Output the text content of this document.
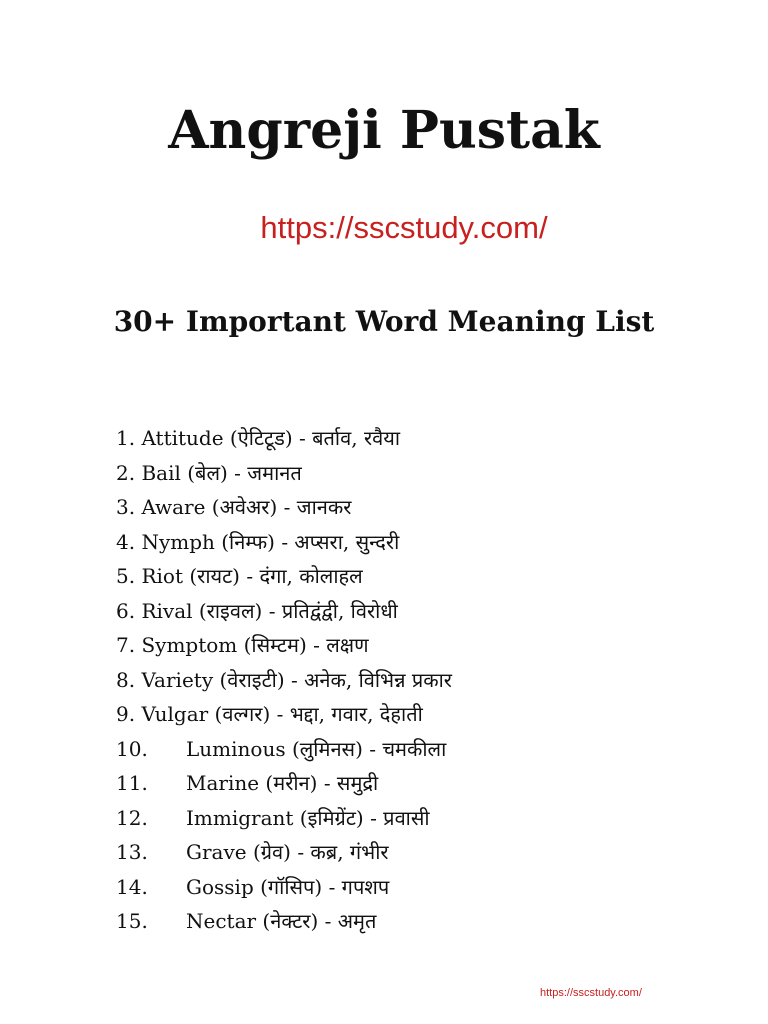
Angreji Pustak
https://sscstudy.com/
30+ Important Word Meaning List
1. Attitude (ऐटिटूड) - बर्ताव, रवैया
2. Bail (बेल) - जमानत
3. Aware (अवेअर) - जानकर
4. Nymph (निम्फ) - अप्सरा, सुन्दरी
5. Riot (रायट) - दंगा, कोलाहल
6. Rival (राइवल) - प्रतिद्वंद्वी, विरोधी
7. Symptom (सिम्टम) - लक्षण
8. Variety (वेराइटी) - अनेक, विभिन्न प्रकार
9. Vulgar (वल्गर) - भद्दा, गवार, देहाती
10. Luminous (लुमिनस) - चमकीला
11. Marine (मरीन) - समुद्री
12. Immigrant (इमिग्रेंट) - प्रवासी
13. Grave (ग्रेव) - कब्र, गंभीर
14. Gossip (गॉसिप) - गपशप
15. Nectar (नेक्टर) - अमृत
https://sscstudy.com/
